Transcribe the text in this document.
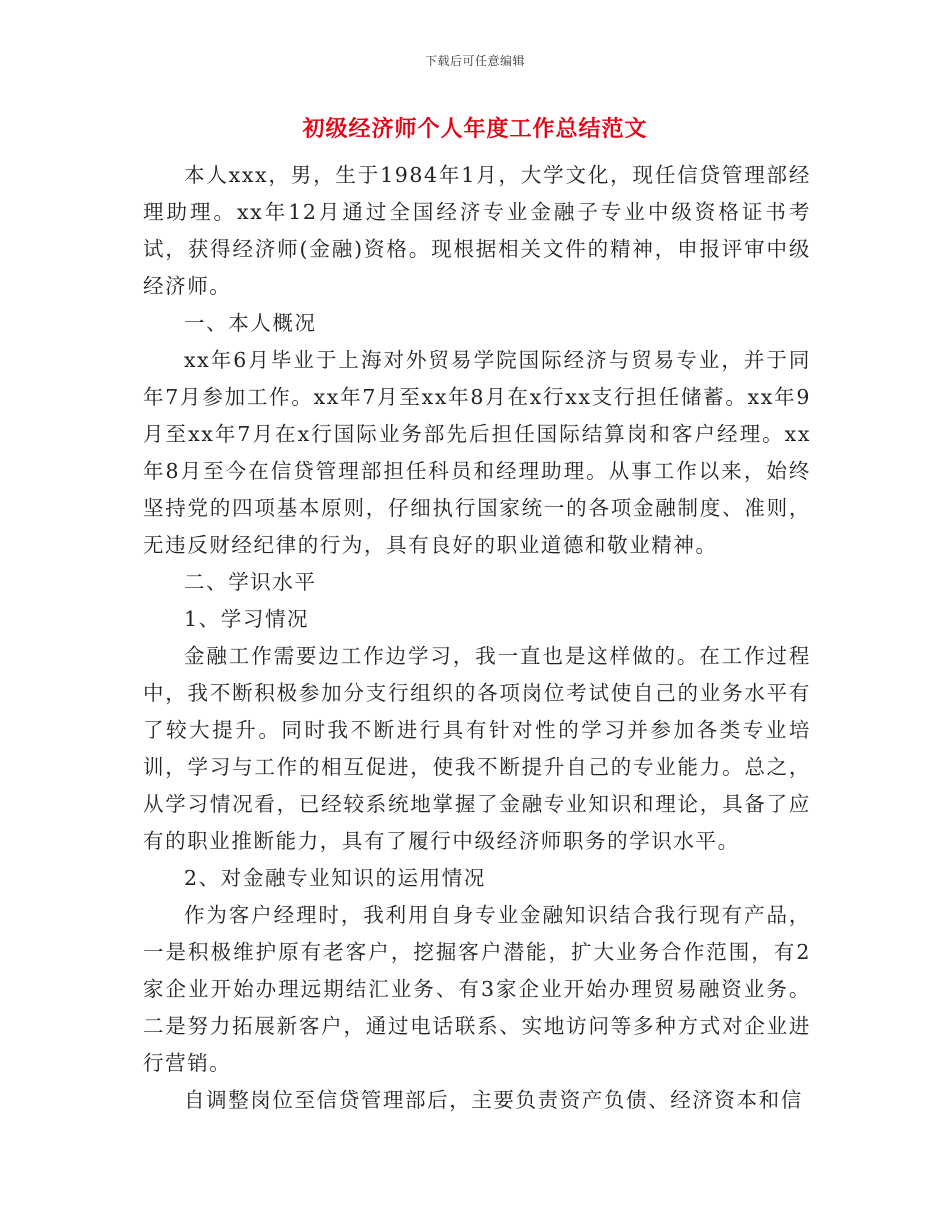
下载后可任意编辑
初级经济师个人年度工作总结范文

本人xxx，男，生于1984年1月，大学文化，现任信贷管理部经理助理。xx年12月通过全国经济专业金融子专业中级资格证书考试，获得经济师(金融)资格。现根据相关文件的精神，申报评审中级经济师。

一、本人概况

xx年6月毕业于上海对外贸易学院国际经济与贸易专业，并于同年7月参加工作。xx年7月至xx年8月在x行xx支行担任储蓄。xx年9月至xx年7月在x行国际业务部先后担任国际结算岗和客户经理。xx年8月至今在信贷管理部担任科员和经理助理。从事工作以来，始终坚持党的四项基本原则，仔细执行国家统一的各项金融制度、准则，无违反财经纪律的行为，具有良好的职业道德和敬业精神。

二、学识水平

1、学习情况

金融工作需要边工作边学习，我一直也是这样做的。在工作过程中，我不断积极参加分支行组织的各项岗位考试使自己的业务水平有了较大提升。同时我不断进行具有针对性的学习并参加各类专业培训，学习与工作的相互促进，使我不断提升自己的专业能力。总之，从学习情况看，已经较系统地掌握了金融专业知识和理论，具备了应有的职业推断能力，具有了履行中级经济师职务的学识水平。

2、对金融专业知识的运用情况

作为客户经理时，我利用自身专业金融知识结合我行现有产品，一是积极维护原有老客户，挖掘客户潜能，扩大业务合作范围，有2家企业开始办理远期结汇业务、有3家企业开始办理贸易融资业务。二是努力拓展新客户，通过电话联系、实地访问等多种方式对企业进行营销。

自调整岗位至信贷管理部后，主要负责资产负债、经济资本和信
